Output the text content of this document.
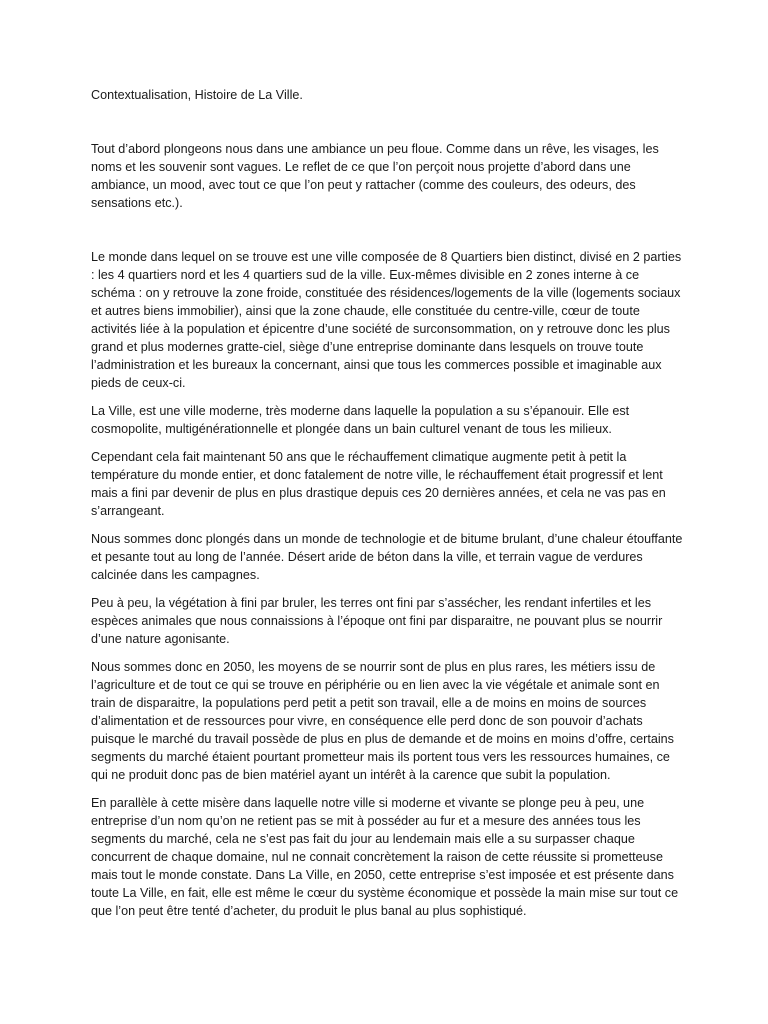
Contextualisation, Histoire de La Ville.

Tout d’abord plongeons nous dans une ambiance un peu floue. Comme dans un rêve, les visages, les noms et les souvenir sont vagues. Le reflet de ce que l’on perçoit nous projette d’abord dans une ambiance, un mood, avec tout ce que l’on peut y rattacher (comme des couleurs, des odeurs, des sensations etc.).

Le monde dans lequel on se trouve est une ville composée de 8 Quartiers bien distinct, divisé en 2 parties : les 4 quartiers nord et les 4 quartiers sud de la ville. Eux-mêmes divisible en 2 zones interne à ce schéma : on y retrouve la zone froide, constituée des résidences/logements de la ville (logements sociaux et autres biens immobilier), ainsi que la zone chaude, elle constituée du centre-ville, cœur de toute activités liée à la population et épicentre d’une société de surconsommation, on y retrouve donc les plus grand et plus modernes gratte-ciel, siège d’une entreprise dominante dans lesquels on trouve toute l’administration et les bureaux la concernant, ainsi que tous les commerces possible et imaginable aux pieds de ceux-ci.

La Ville, est une ville moderne, très moderne dans laquelle la population a su s’épanouir. Elle est cosmopolite, multigénérationnelle et plongée dans un bain culturel venant de tous les milieux.

Cependant cela fait maintenant 50 ans que le réchauffement climatique augmente petit à petit la température du monde entier, et donc fatalement de notre ville, le réchauffement était progressif et lent mais a fini par devenir de plus en plus drastique depuis ces 20 dernières années, et cela ne vas pas en s’arrangeant.

Nous sommes donc plongés dans un monde de technologie et de bitume brulant, d’une chaleur étouffante et pesante tout au long de l’année. Désert aride de béton dans la ville, et terrain vague de verdures calcinée dans les campagnes.

Peu à peu, la végétation à fini par bruler, les terres ont fini par s’assécher, les rendant infertiles et les espèces animales que nous connaissions à l’époque ont fini par disparaitre, ne pouvant plus se nourrir d’une nature agonisante.

Nous sommes donc en 2050, les moyens de se nourrir sont de plus en plus rares, les métiers issu de l’agriculture et de tout ce qui se trouve en périphérie ou en lien avec la vie végétale et animale sont en train de disparaitre, la populations perd petit a petit son travail, elle a de moins en moins de sources d’alimentation et de ressources pour vivre, en conséquence elle perd donc de son pouvoir d’achats puisque le marché du travail possède de plus en plus de demande et de moins en moins d’offre, certains segments du marché étaient pourtant prometteur mais ils portent tous vers les ressources humaines, ce qui ne produit donc pas de bien matériel ayant un intérêt à la carence que subit la population.

En parallèle à cette misère dans laquelle notre ville si moderne et vivante se plonge peu à peu, une entreprise d’un nom qu’on ne retient pas se mit à posséder au fur et a mesure des années tous les segments du marché, cela ne s’est pas fait du jour au lendemain mais elle a su surpasser chaque concurrent de chaque domaine, nul ne connait concrètement la raison de cette réussite si prometteuse mais tout le monde constate. Dans La Ville, en 2050, cette entreprise s’est imposée et est présente dans toute La Ville, en fait, elle est même le cœur du système économique et possède la main mise sur tout ce que l’on peut être tenté d’acheter, du produit le plus banal au plus sophistiqué.
